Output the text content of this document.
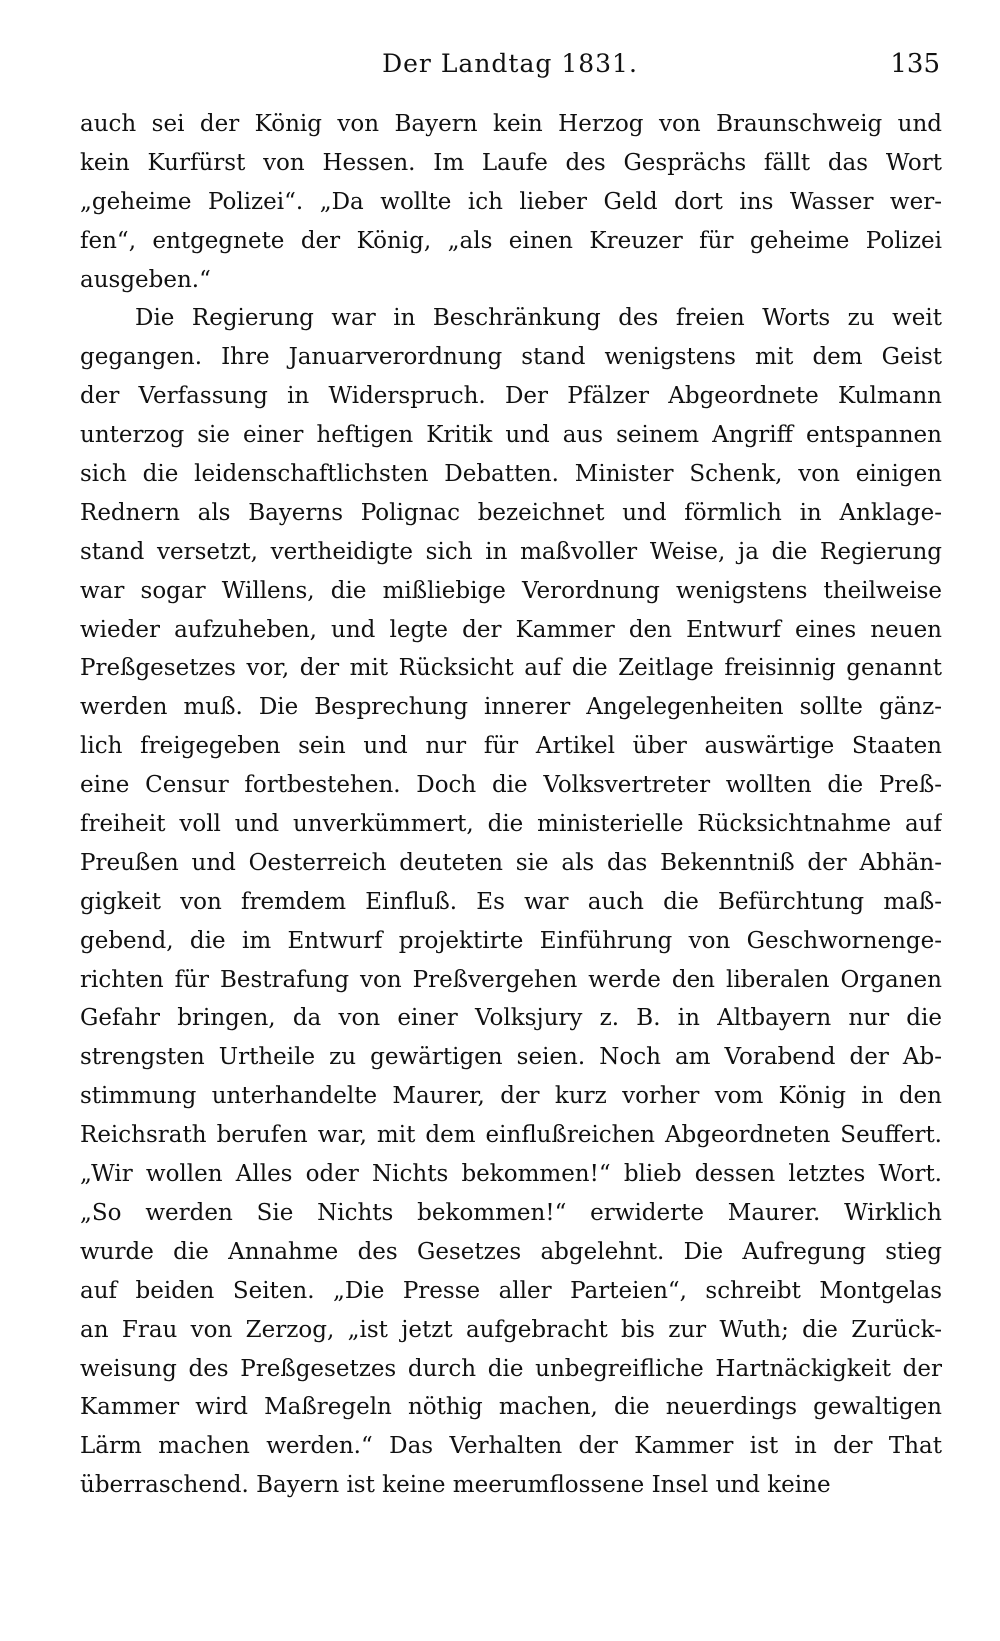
Der Landtag 1831.	135
auch sei der König von Bayern kein Herzog von Braunschweig und
kein Kurfürst von Hessen. Im Laufe des Gesprächs fällt das Wort
„geheime Polizei“. „Da wollte ich lieber Geld dort ins Wasser wer-
fen“, entgegnete der König, „als einen Kreuzer für geheime Polizei
ausgeben.“
Die Regierung war in Beschränkung des freien Worts zu weit
gegangen. Ihre Januarverordnung stand wenigstens mit dem Geist
der Verfassung in Widerspruch. Der Pfälzer Abgeordnete Kulmann
unterzog sie einer heftigen Kritik und aus seinem Angriff entspannen
sich die leidenschaftlichsten Debatten. Minister Schenk, von einigen
Rednern als Bayerns Polignac bezeichnet und förmlich in Anklage-
stand versetzt, vertheidigte sich in maßvoller Weise, ja die Regierung
war sogar Willens, die mißliebige Verordnung wenigstens theilweise
wieder aufzuheben, und legte der Kammer den Entwurf eines neuen
Preßgesetzes vor, der mit Rücksicht auf die Zeitlage freisinnig genannt
werden muß. Die Besprechung innerer Angelegenheiten sollte gänz-
lich freigegeben sein und nur für Artikel über auswärtige Staaten
eine Censur fortbestehen. Doch die Volksvertreter wollten die Preß-
freiheit voll und unverkümmert, die ministerielle Rücksichtnahme auf
Preußen und Oesterreich deuteten sie als das Bekenntniß der Abhän-
gigkeit von fremdem Einfluß. Es war auch die Befürchtung maß-
gebend, die im Entwurf projektirte Einführung von Geschwornenge-
richten für Bestrafung von Preßvergehen werde den liberalen Organen
Gefahr bringen, da von einer Volksjury z. B. in Altbayern nur die
strengsten Urtheile zu gewärtigen seien. Noch am Vorabend der Ab-
stimmung unterhandelte Maurer, der kurz vorher vom König in den
Reichsrath berufen war, mit dem einflußreichen Abgeordneten Seuffert.
„Wir wollen Alles oder Nichts bekommen!“ blieb dessen letztes Wort.
„So werden Sie Nichts bekommen!“ erwiderte Maurer. Wirklich
wurde die Annahme des Gesetzes abgelehnt. Die Aufregung stieg
auf beiden Seiten. „Die Presse aller Parteien“, schreibt Montgelas
an Frau von Zerzog, „ist jetzt aufgebracht bis zur Wuth; die Zurück-
weisung des Preßgesetzes durch die unbegreifliche Hartnäckigkeit der
Kammer wird Maßregeln nöthig machen, die neuerdings gewaltigen
Lärm machen werden.“ Das Verhalten der Kammer ist in der That
überraschend. Bayern ist keine meerumflossene Insel und keine
